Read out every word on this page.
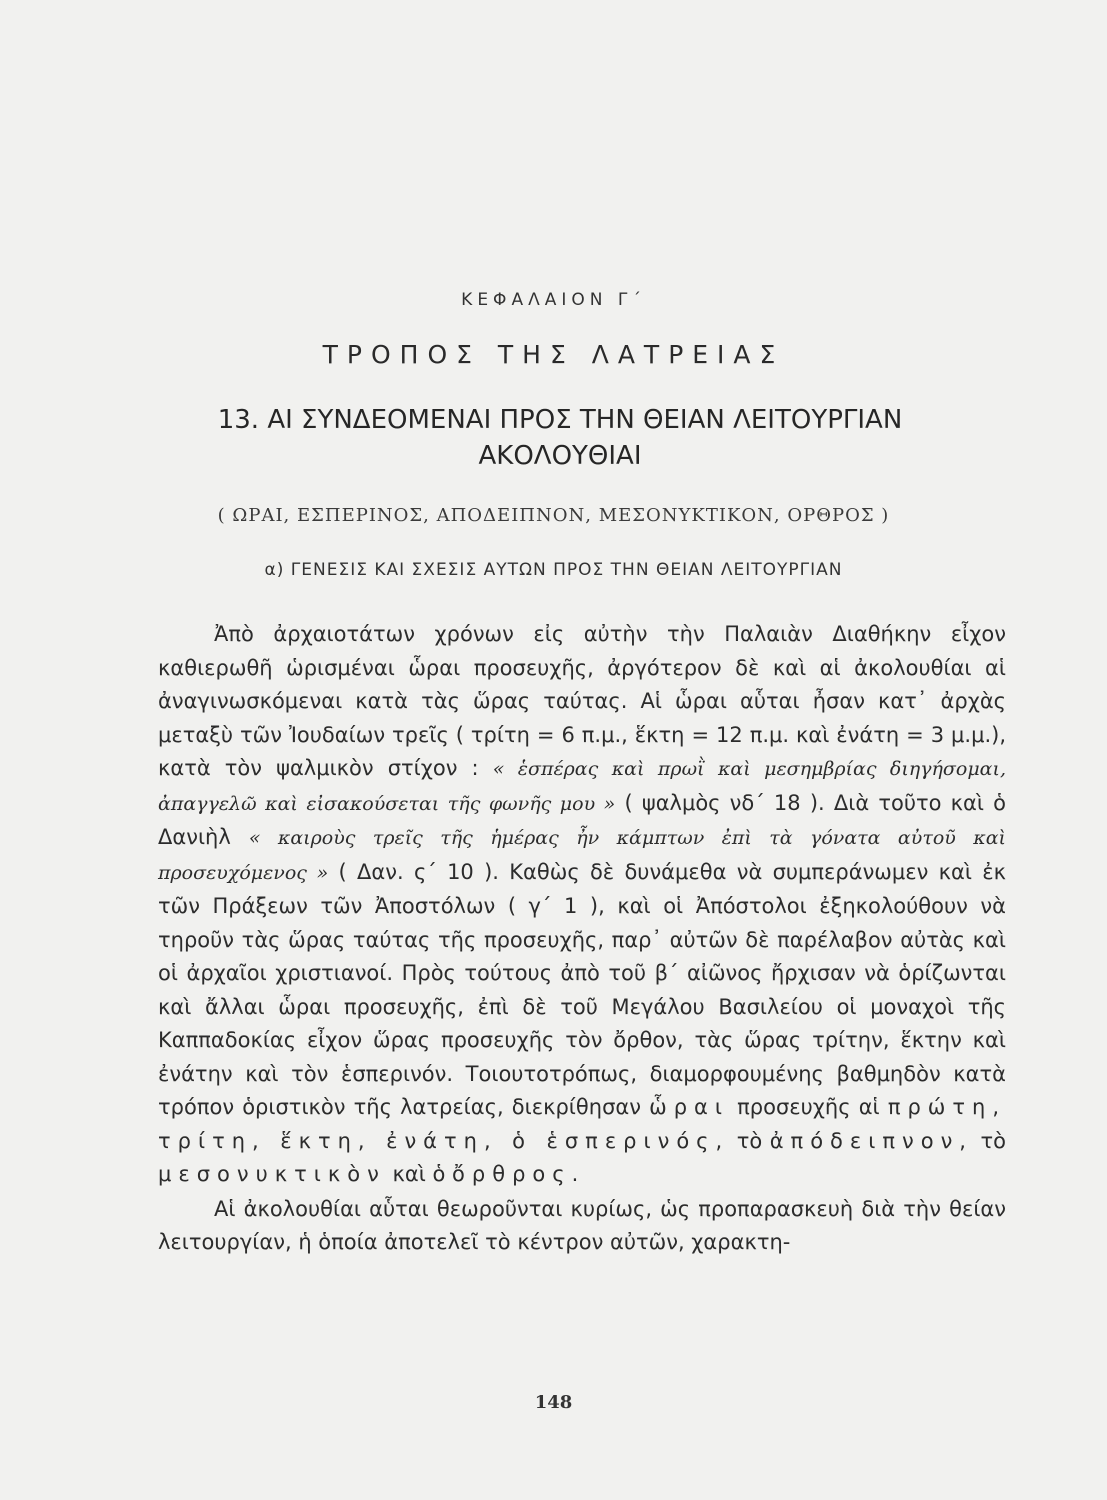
ΚΕΦΑΛΑΙΟΝ Γ΄
ΤΡΟΠΟΣ ΤΗΣ ΛΑΤΡΕΙΑΣ
13. ΑΙ ΣΥΝΔΕΟΜΕΝΑΙ ΠΡΟΣ ΤΗΝ ΘΕΙΑΝ ΛΕΙΤΟΥΡΓΙΑΝ
ΑΚΟΛΟΥΘΙΑΙ
( ΩΡΑΙ, ΕΣΠΕΡΙΝΟΣ, ΑΠΟΔΕΙΠΝΟΝ, ΜΕΣΟΝΥΚΤΙΚΟΝ, ΟΡΘΡΟΣ )
α) ΓΕΝΕΣΙΣ ΚΑΙ ΣΧΕΣΙΣ ΑΥΤΩΝ ΠΡΟΣ ΤΗΝ ΘΕΙΑΝ ΛΕΙΤΟΥΡΓΙΑΝ

Ἀπὸ ἀρχαιοτάτων χρόνων εἰς αὐτὴν τὴν Παλαιὰν Διαθήκην εἶχον καθιερωθῆ ὡρισμέναι ὧραι προσευχῆς, ἀργότερον δὲ καὶ αἱ ἀκολουθίαι αἱ ἀναγινωσκόμεναι κατὰ τὰς ὥρας ταύτας. Αἱ ὧραι αὗται ἦσαν κατ᾽ ἀρχὰς μεταξὺ τῶν Ἰουδαίων τρεῖς ( τρίτη = 6 π.μ., ἕκτη = 12 π.μ. καὶ ἐνάτη = 3 μ.μ.), κατὰ τὸν ψαλμικὸν στίχον : « ἑσπέρας καὶ πρωῒ καὶ μεσημβρίας διηγήσομαι, ἀπαγγελῶ καὶ εἰσακούσεται τῆς φωνῆς μου » ( ψαλμὸς νδ΄ 18 ). Διὰ τοῦτο καὶ ὁ Δανιὴλ « καιροὺς τρεῖς τῆς ἡμέρας ἦν κάμπτων ἐπὶ τὰ γόνατα αὐτοῦ καὶ προσευχόμενος » ( Δαν. ς΄ 10 ). Καθὼς δὲ δυνάμεθα νὰ συμπεράνωμεν καὶ ἐκ τῶν Πράξεων τῶν Ἀποστόλων ( γ΄ 1 ), καὶ οἱ Ἀπόστολοι ἐξηκολούθουν νὰ τηροῦν τὰς ὥρας ταύτας τῆς προσευχῆς, παρ᾽ αὐτῶν δὲ παρέλαβον αὐτὰς καὶ οἱ ἀρχαῖοι χριστιανοί. Πρὸς τούτους ἀπὸ τοῦ β΄ αἰῶνος ἤρχισαν νὰ ὁρίζωνται καὶ ἄλλαι ὧραι προσευχῆς, ἐπὶ δὲ τοῦ Μεγάλου Βασιλείου οἱ μοναχοὶ τῆς Καππαδοκίας εἶχον ὥρας προσευχῆς τὸν ὄρθον, τὰς ὥρας τρίτην, ἕκτην καὶ ἐνάτην καὶ τὸν ἑσπερινόν. Τοιουτοτρόπως, διαμορφουμένης βαθμηδὸν κατὰ τρόπον ὁριστικὸν τῆς λατρείας, διεκρίθησαν ὧραι προσευχῆς αἱ πρώτη, τρίτη, ἕκτη, ἐνάτη, ὁ ἑσπερινός, τὸ ἀπόδειπνον, τὸ μεσονυκτικὸν καὶ ὁ ὄρθρος.

Αἱ ἀκολουθίαι αὗται θεωροῦνται κυρίως, ὡς προπαρασκευὴ διὰ τὴν θείαν λειτουργίαν, ἡ ὁποία ἀποτελεῖ τὸ κέντρον αὐτῶν, χαρακτη-

148
